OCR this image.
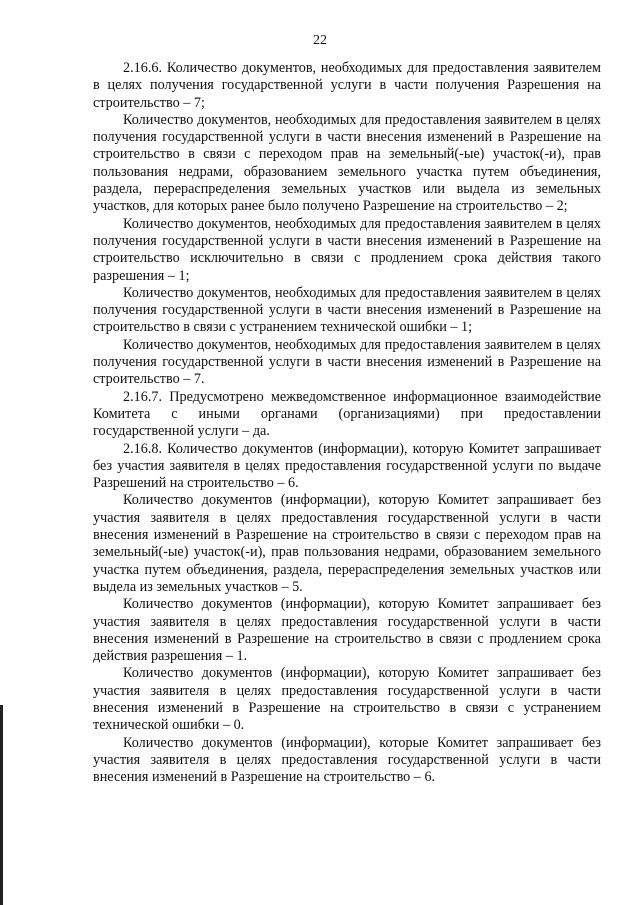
22

2.16.6. Количество документов, необходимых для предоставления заявителем в целях получения государственной услуги в части получения Разрешения на строительство – 7;

Количество документов, необходимых для предоставления заявителем в целях получения государственной услуги в части внесения изменений в Разрешение на строительство в связи с переходом прав на земельный(-ые) участок(-и), прав пользования недрами, образованием земельного участка путем объединения, раздела, перераспределения земельных участков или выдела из земельных участков, для которых ранее было получено Разрешение на строительство – 2;

Количество документов, необходимых для предоставления заявителем в целях получения государственной услуги в части внесения изменений в Разрешение на строительство исключительно в связи с продлением срока действия такого разрешения – 1;

Количество документов, необходимых для предоставления заявителем в целях получения государственной услуги в части внесения изменений в Разрешение на строительство в связи с устранением технической ошибки – 1;

Количество документов, необходимых для предоставления заявителем в целях получения государственной услуги в части внесения изменений в Разрешение на строительство – 7.

2.16.7. Предусмотрено межведомственное информационное взаимодействие Комитета с иными органами (организациями) при предоставлении государственной услуги – да.

2.16.8. Количество документов (информации), которую Комитет запрашивает без участия заявителя в целях предоставления государственной услуги по выдаче Разрешений на строительство – 6.

Количество документов (информации), которую Комитет запрашивает без участия заявителя в целях предоставления государственной услуги в части внесения изменений в Разрешение на строительство в связи с переходом прав на земельный(-ые) участок(-и), прав пользования недрами, образованием земельного участка путем объединения, раздела, перераспределения земельных участков или выдела из земельных участков – 5.

Количество документов (информации), которую Комитет запрашивает без участия заявителя в целях предоставления государственной услуги в части внесения изменений в Разрешение на строительство в связи с продлением срока действия разрешения – 1.

Количество документов (информации), которую Комитет запрашивает без участия заявителя в целях предоставления государственной услуги в части внесения изменений в Разрешение на строительство в связи с устранением технической ошибки – 0.

Количество документов (информации), которые Комитет запрашивает без участия заявителя в целях предоставления государственной услуги в части внесения изменений в Разрешение на строительство – 6.
